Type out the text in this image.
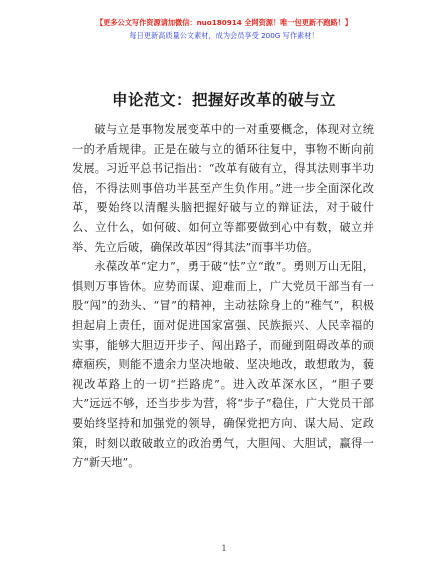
【更多公文写作资源请加微信：nuo180914 全网资源！唯一包更新不跑路！】
每日更新高质量公文素材，成为会员享受 200G 写作素材！
申论范文：把握好改革的破与立

破与立是事物发展变革中的一对重要概念，体现对立统一的矛盾规律。正是在破与立的循环往复中，事物不断向前发展。习近平总书记指出：“改革有破有立，得其法则事半功倍，不得法则事倍功半甚至产生负作用。”进一步全面深化改革，要始终以清醒头脑把握好破与立的辩证法，对于破什么、立什么，如何破、如何立等都要做到心中有数，破立并举、先立后破，确保改革因“得其法”而事半功倍。

永葆改革“定力”，勇于破“怯”立“敢”。勇则万山无阻，惧则万事皆休。应势而谋、迎难而上，广大党员干部当有一股“闯”的劲头、“冒”的精神，主动祛除身上的“稚气”，积极担起肩上责任，面对促进国家富强、民族振兴、人民幸福的实事，能够大胆迈开步子、闯出路子，而碰到阻碍改革的顽瘴痼疾，则能不遗余力坚决地破、坚决地改，敢想敢为，藐视改革路上的一切“拦路虎”。进入改革深水区，“胆子要大”远远不够，还当步步为营，将“步子”稳住，广大党员干部要始终坚持和加强党的领导，确保党把方向、谋大局、定政策，时刻以敢破敢立的政治勇气，大胆闯、大胆试，赢得一方“新天地”。

1
